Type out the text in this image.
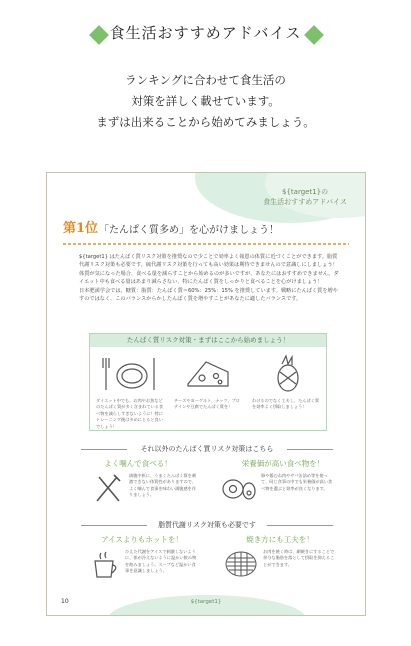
食生活おすすめアドバイス
ランキングに合わせて食生活の
対策を詳しく載せています。
まずは出来ることから始めてみましょう。
${target1}の
食生活おすすめアドバイス
第1位 「たんぱく質多め」を心がけましょう！
${target1} はたんぱく質リスク対策を推奨なので少ことで効率よく報恩の体質に近づくことができます。脂質代謝リスク対策も必要です。硫代謝リスク対策を行っても高い効果は期待できませんので意識しにしましょう！
体質が気になった場合、食べる量を減らすことから始めるのが多いですが、あなたにはおすすめできません。ダイエット中も食べる量はあまり減らさない、特にたんぱく質をしっかりと食べることを心がけましょう！
日本肥満学会では、糖質：脂質：たんぱく質＝60%：25%：15% を推奨しています。戦略にたんぱく質を増やすのではなく、このバランスからかしたんぱく質を増やすことがあなたに適したバランスです。
たんぱく質リスク対策・まずはここから始めましょう！
ダイエット中でも、お肉やお魚などのたんぱく質が多く含まれている食べ物を減らしすぎないように！特にトレーニング後は多めにとると良いでしょう！
チーズやヨーグルト、ナッツ、プロテインや豆腐でたんぱく質を！
わけるのでなく工夫し、たんぱく質を効率よく摂取しましょう！
それ以外のたんぱく質リスク対策はこちら
よく噛んで食べる！	栄養価が高い食べ物を！
満腹中枢に、うまくたんぱく質を刺激できない体質性がありますので、よく噛んで食事を味わい満腹感を作りましょう。
卵や鶏むね肉やサバ缶詰め等を使って、同じ食事の中でも栄養価が高い食べ物を選ぶと効率が良くなります。
脂質代謝リスク対策も必要です
アイスよりもホットを！	焼き方にも工夫を！
ひえた代謝をアイスで刺激しないように、体が冷えないように温かい飲み物を飲みましょう。スープなど温かい食事を意識しましょう。
お肉を焼く時は、網焼きにすることで余分な脂肪を落として摂取を抑えることができます。
10	${target1}
